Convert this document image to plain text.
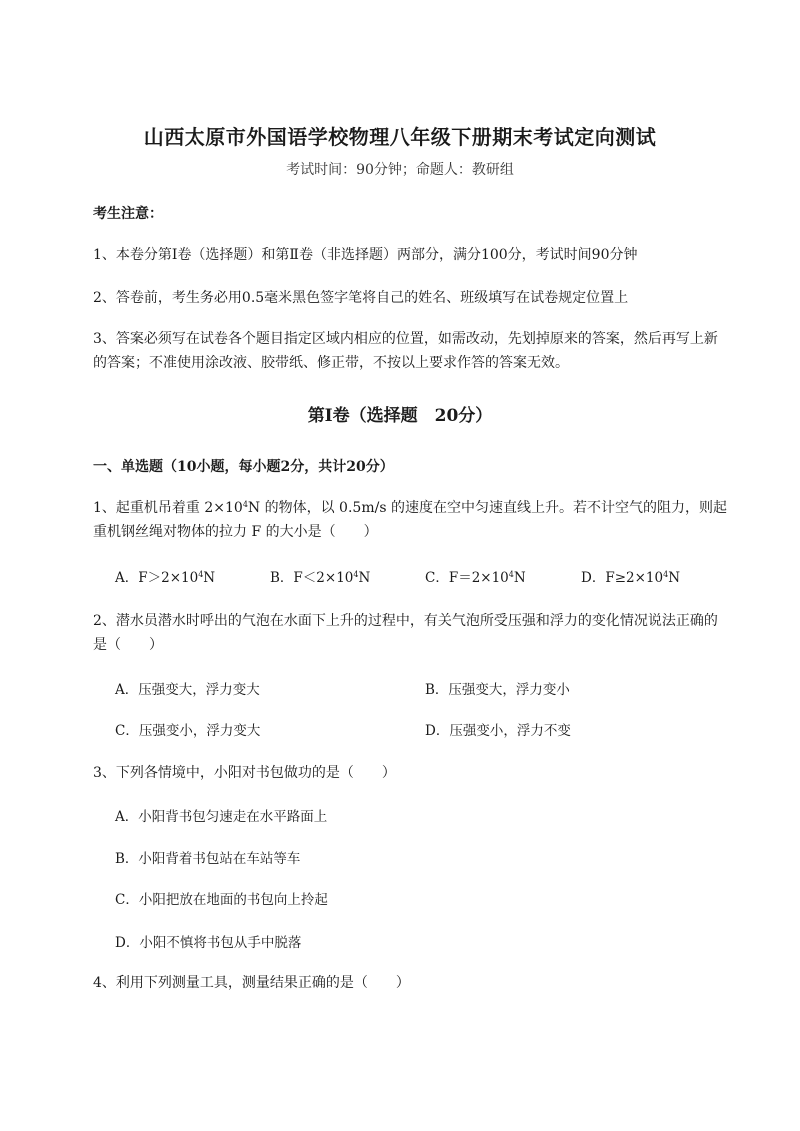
山西太原市外国语学校物理八年级下册期末考试定向测试
考试时间：90分钟；命题人：教研组
考生注意：
1、本卷分第Ⅰ卷（选择题）和第Ⅱ卷（非选择题）两部分，满分100分，考试时间90分钟
2、答卷前，考生务必用0.5毫米黑色签字笔将自己的姓名、班级填写在试卷规定位置上
3、答案必须写在试卷各个题目指定区域内相应的位置，如需改动，先划掉原来的答案，然后再写上新
的答案；不准使用涂改液、胶带纸、修正带，不按以上要求作答的答案无效。
第Ⅰ卷（选择题　20分）
一、单选题（10小题，每小题2分，共计20分）
1、起重机吊着重 $2\times 10^4N$ 的物体，以 0.5m/s 的速度在空中匀速直线上升。若不计空气的阻力，则起
重机钢丝绳对物体的拉力 F 的大小是（　　）
A．$F>2\times 10^4N$	B．$F<2\times 10^4N$	C．$F=2\times 10^4N$	D．$F\ge 2\times 10^4N$
2、潜水员潜水时呼出的气泡在水面下上升的过程中，有关气泡所受压强和浮力的变化情况说法正确的
是（　　）
A．压强变大，浮力变大	B．压强变大，浮力变小
C．压强变小，浮力变大	D．压强变小，浮力不变
3、下列各情境中，小阳对书包做功的是（　　）
A．小阳背书包匀速走在水平路面上
B．小阳背着书包站在车站等车
C．小阳把放在地面的书包向上拎起
D．小阳不慎将书包从手中脱落
4、利用下列测量工具，测量结果正确的是（　　）
